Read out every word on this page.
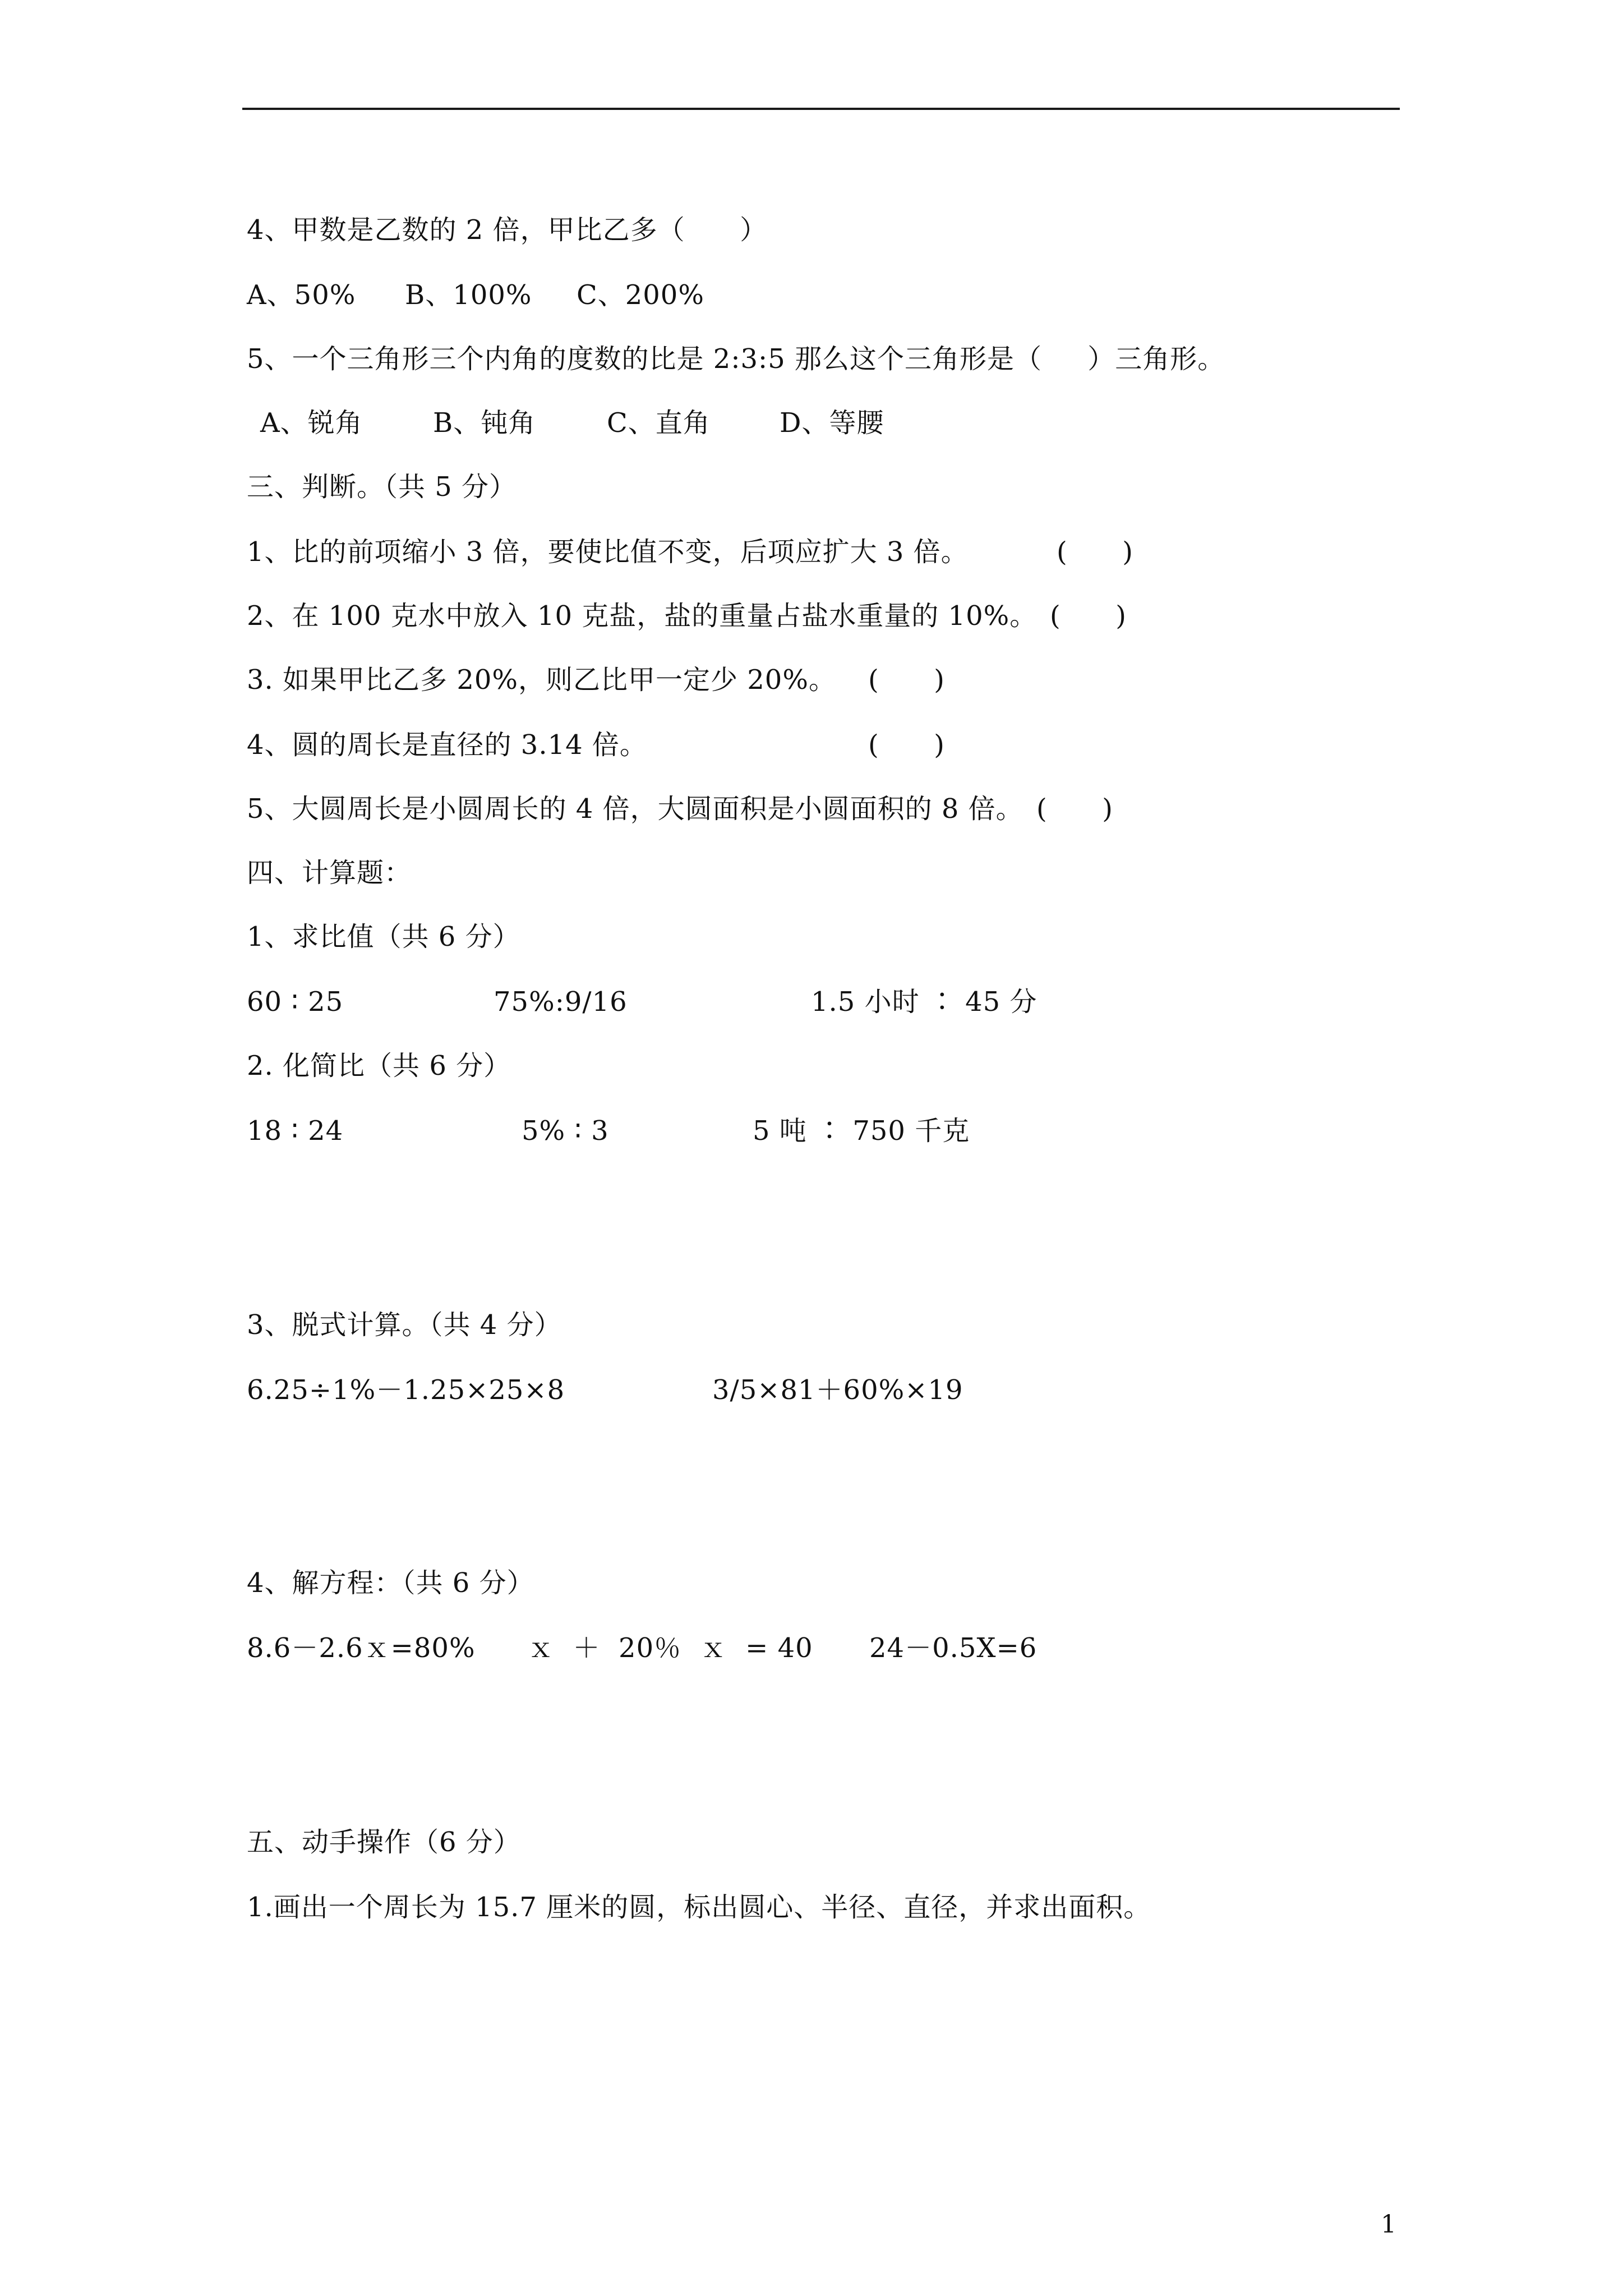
4、甲数是乙数的 2 倍，甲比乙多（      ）

A、50%

B、100%

C、200%

5、一个三角形三个内角的度数的比是 2:3:5 那么这个三角形是（     ）三角形。

A、锐角

	B、钝角

	C、直角

	D、等腰

三、判断。（共 5 分）

1、比的前项缩小 3 倍，要使比值不变，后项应扩大 3 倍。

	(      )

2、在 100 克水中放入 10 克盐，盐的重量占盐水重量的 10%。

(      )

3. 如果甲比乙多 20%，则乙比甲一定少 20%。

(      )

4、圆的周长是直径的 3.14 倍。

	(      )

5、大圆周长是小圆周长的 4 倍，大圆面积是小圆面积的 8 倍。

(      )

四、计算题：
1、求比值（共 6 分）

60 ∶ 25

	75%:9/16

	1.5 小时 ∶ 45 分

2. 化简比（共 6 分）

18 ∶ 24

	5% ∶ 3

	5 吨 ∶ 750 千克

3、脱式计算。（共 4 分）

6.25÷1%－1.25×25×8

	3/5×81＋60%×19

4、解方程：（共 6 分）

8.6－2.6ｘ=80%

ｘ  ＋  20％  ｘ  = 40

24－0.5X=6

五、动手操作（6 分）
1.画出一个周长为 15.7 厘米的圆，标出圆心、半径、直径，并求出面积。
1
